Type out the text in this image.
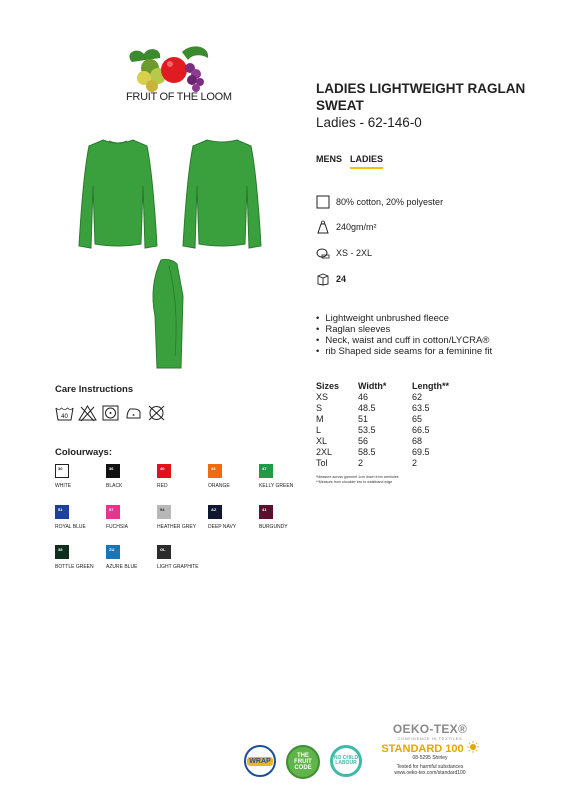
FRUIT OF THE LOOM
LADIES LIGHTWEIGHT RAGLAN SWEAT
Ladies - 62-146-0
MENS LADIES
80% cotton, 20% polyester
240gm/m²
XS - 2XL
24
• Lightweight unbrushed fleece
• Raglan sleeves
• Neck, waist and cuff in cotton/LYCRA®
• rib Shaped side seams for a feminine fit
Care Instructions
40
Sizes	Width*	Length**
XS	46	62
S	48.5	63.5
M	51	65
L	53.5	66.5
XL	56	68
2XL	58.5	69.5
Tol	2	2
*Measure across garment 1cm down from armholes
**Measure from shoulder low to waistband edge
Colourways:
30
WHITE
36
BLACK
40
RED
44
ORANGE
47
KELLY GREEN
51
ROYAL BLUE
57
FUCHSIA
94
HEATHER GREY
AZ
DEEP NAVY
41
BURGUNDY
38
BOTTLE GREEN
ZU
AZURE BLUE
GL
LIGHT GRAPHITE
WRAP
THE FRUIT CODE
NO CHILD LABOUR
OEKO-TEX®
CONFIDENCE IN TEXTILES
STANDARD 100
08-5295 Shirley
Tested for harmful substances
www.oeko-tex.com/standard100
